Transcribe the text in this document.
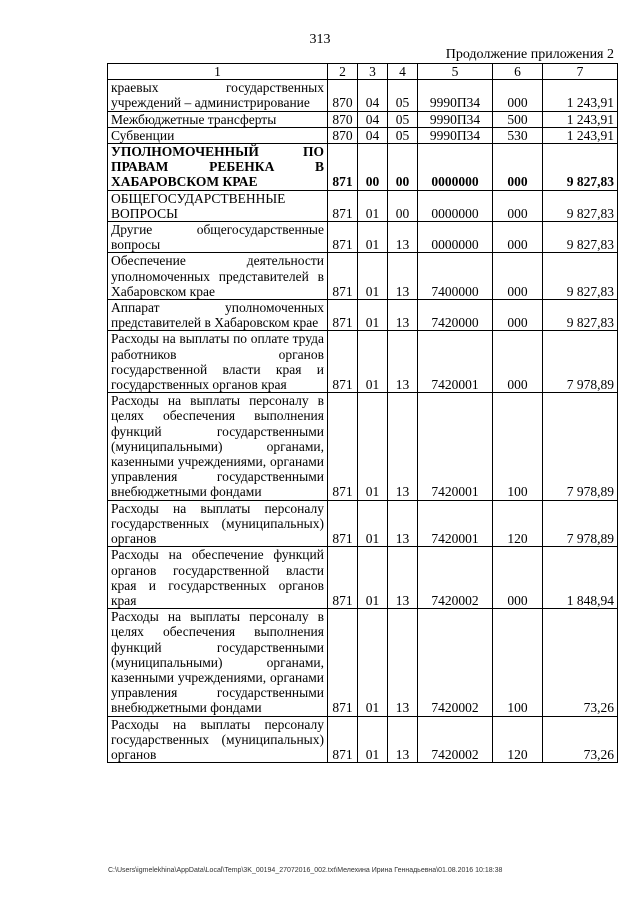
313
Продолжение приложения 2
1	2	3	4	5	6	7
краевых государственных учреждений – администрирование	870	04	05	9990П34	000	1 243,91
Межбюджетные трансферты	870	04	05	9990П34	500	1 243,91
Субвенции	870	04	05	9990П34	530	1 243,91
УПОЛНОМОЧЕННЫЙ ПО ПРАВАМ РЕБЕНКА В ХАБАРОВСКОМ КРАЕ	871	00	00	0000000	000	9 827,83
ОБЩЕГОСУДАРСТВЕННЫЕ ВОПРОСЫ	871	01	00	0000000	000	9 827,83
Другие общегосударственные вопросы	871	01	13	0000000	000	9 827,83
Обеспечение деятельности уполномоченных представителей в Хабаровском крае	871	01	13	7400000	000	9 827,83
Аппарат уполномоченных представителей в Хабаровском крае	871	01	13	7420000	000	9 827,83
Расходы на выплаты по оплате труда работников органов государственной власти края и государственных органов края	871	01	13	7420001	000	7 978,89
Расходы на выплаты персоналу в целях обеспечения выполнения функций государственными (муниципальными) органами, казенными учреждениями, органами управления государственными внебюджетными фондами	871	01	13	7420001	100	7 978,89
Расходы на выплаты персоналу государственных (муниципальных) органов	871	01	13	7420001	120	7 978,89
Расходы на обеспечение функций органов государственной власти края и государственных органов края	871	01	13	7420002	000	1 848,94
Расходы на выплаты персоналу в целях обеспечения выполнения функций государственными (муниципальными) органами, казенными учреждениями, органами управления государственными внебюджетными фондами	871	01	13	7420002	100	73,26
Расходы на выплаты персоналу государственных (муниципальных) органов	871	01	13	7420002	120	73,26
C:\Users\igmelekhina\AppData\Local\Temp\3K_00194_27072016_002.txt\Мелехина Ирина Геннадьевна\01.08.2016 10:18:38
